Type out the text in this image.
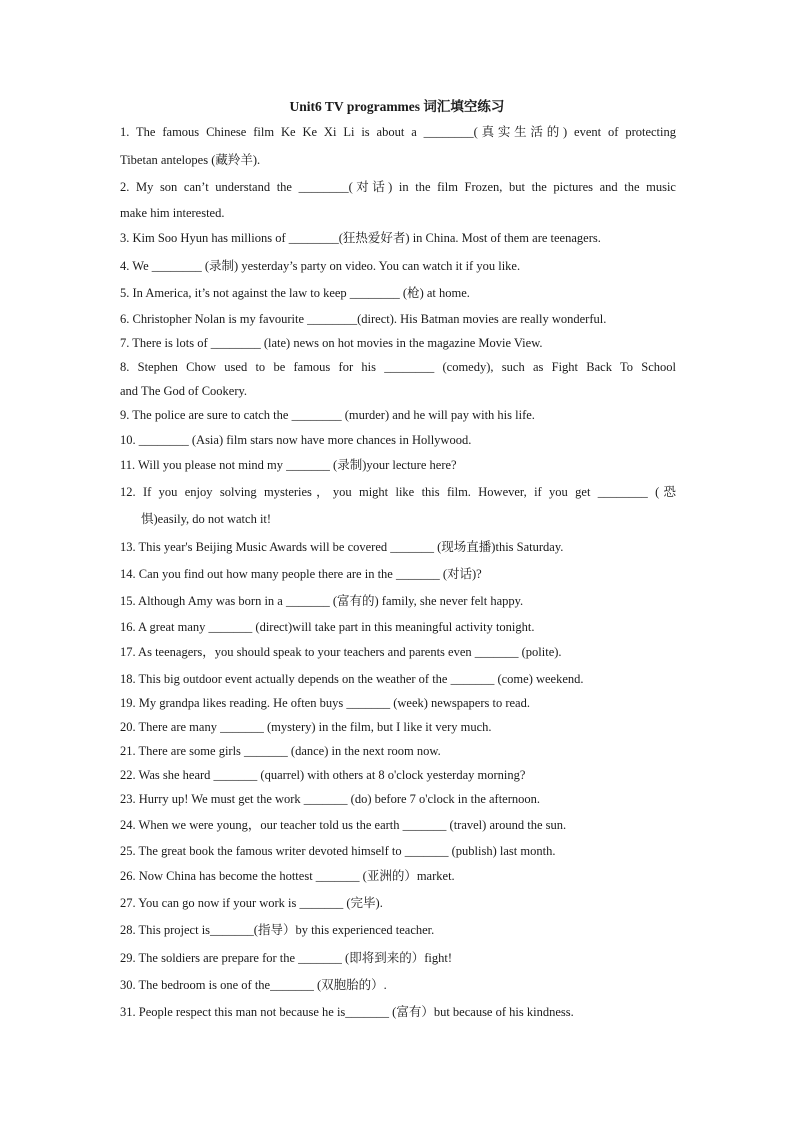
Unit6 TV programmes 词汇填空练习
1. The famous Chinese film Ke Ke Xi Li is about a ________(真实生活的) event of protecting
Tibetan antelopes (藏羚羊).
2. My son can’t understand the ________(对话) in the film Frozen, but the pictures and the music
make him interested.
3. Kim Soo Hyun has millions of ________(狂热爱好者) in China. Most of them are teenagers.
4. We ________ (录制) yesterday’s party on video. You can watch it if you like.
5. In America, it’s not against the law to keep ________ (枪) at home.
6. Christopher Nolan is my favourite ________(direct). His Batman movies are really wonderful.
7. There is lots of ________ (late) news on hot movies in the magazine Movie View.
8. Stephen Chow used to be famous for his ________ (comedy), such as Fight Back To School
and The God of Cookery.
9. The police are sure to catch the ________ (murder) and he will pay with his life.
10. ________ (Asia) film stars now have more chances in Hollywood.
11. Will you please not mind my _______ (录制)your lecture here?
12. If you enjoy solving mysteries，you might like this film. However, if you get ________ (恐
惧)easily, do not watch it!
13. This year's Beijing Music Awards will be covered _______ (现场直播)this Saturday.
14. Can you find out how many people there are in the _______ (对话)?
15. Although Amy was born in a _______ (富有的) family, she never felt happy.
16. A great many _______ (direct)will take part in this meaningful activity tonight.
17. As teenagers，you should speak to your teachers and parents even _______ (polite).
18. This big outdoor event actually depends on the weather of the _______ (come) weekend.
19. My grandpa likes reading. He often buys _______ (week) newspapers to read.
20. There are many _______ (mystery) in the film, but I like it very much.
21. There are some girls _______ (dance) in the next room now.
22. Was she heard _______ (quarrel) with others at 8 o'clock yesterday morning?
23. Hurry up! We must get the work _______ (do) before 7 o'clock in the afternoon.
24. When we were young，our teacher told us the earth _______ (travel) around the sun.
25. The great book the famous writer devoted himself to _______ (publish) last month.
26. Now China has become the hottest _______ (亚洲的）market.
27. You can go now if your work is _______ (完毕).
28. This project is_______(指导）by this experienced teacher.
29. The soldiers are prepare for the _______ (即将到来的）fight!
30. The bedroom is one of the_______ (双胞胎的）.
31. People respect this man not because he is_______ (富有）but because of his kindness.
